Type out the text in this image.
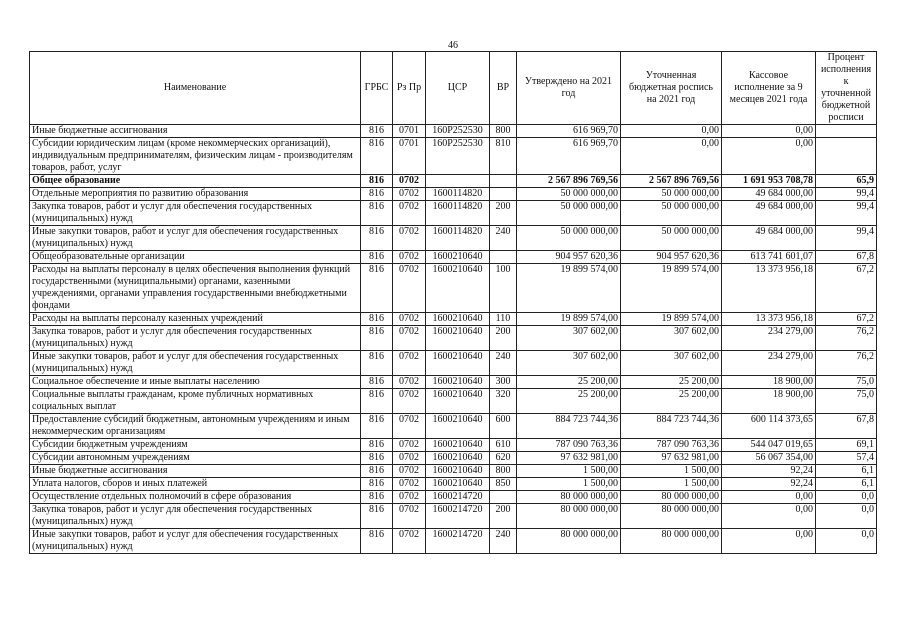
46
Наименование	ГРБС	Рз Пр	ЦСР	ВР	Утверждено на 2021 год	Уточненная бюджетная роспись на 2021 год	Кассовое исполнение за 9 месяцев 2021 года	Процент исполнения к уточненной бюджетной росписи
Иные бюджетные ассигнования	816	0701	160P252530	800	616 969,70	0,00	0,00	
Субсидии юридическим лицам (кроме некоммерческих организаций), индивидуальным предпринимателям, физическим лицам - производителям товаров, работ, услуг	816	0701	160P252530	810	616 969,70	0,00	0,00	
Общее образование	816	0702			2 567 896 769,56	2 567 896 769,56	1 691 953 708,78	65,9
Отдельные мероприятия по развитию образования	816	0702	1600114820		50 000 000,00	50 000 000,00	49 684 000,00	99,4
Закупка товаров, работ и услуг для обеспечения государственных (муниципальных) нужд	816	0702	1600114820	200	50 000 000,00	50 000 000,00	49 684 000,00	99,4
Иные закупки товаров, работ и услуг для обеспечения государственных (муниципальных) нужд	816	0702	1600114820	240	50 000 000,00	50 000 000,00	49 684 000,00	99,4
Общеобразовательные организации	816	0702	1600210640		904 957 620,36	904 957 620,36	613 741 601,07	67,8
Расходы на выплаты персоналу в целях обеспечения выполнения функций государственными (муниципальными) органами, казенными учреждениями, органами управления государственными внебюджетными фондами	816	0702	1600210640	100	19 899 574,00	19 899 574,00	13 373 956,18	67,2
Расходы на выплаты персоналу казенных учреждений	816	0702	1600210640	110	19 899 574,00	19 899 574,00	13 373 956,18	67,2
Закупка товаров, работ и услуг для обеспечения государственных (муниципальных) нужд	816	0702	1600210640	200	307 602,00	307 602,00	234 279,00	76,2
Иные закупки товаров, работ и услуг для обеспечения государственных (муниципальных) нужд	816	0702	1600210640	240	307 602,00	307 602,00	234 279,00	76,2
Социальное обеспечение и иные выплаты населению	816	0702	1600210640	300	25 200,00	25 200,00	18 900,00	75,0
Социальные выплаты гражданам, кроме публичных нормативных социальных выплат	816	0702	1600210640	320	25 200,00	25 200,00	18 900,00	75,0
Предоставление субсидий бюджетным, автономным учреждениям и иным некоммерческим организациям	816	0702	1600210640	600	884 723 744,36	884 723 744,36	600 114 373,65	67,8
Субсидии бюджетным учреждениям	816	0702	1600210640	610	787 090 763,36	787 090 763,36	544 047 019,65	69,1
Субсидии автономным учреждениям	816	0702	1600210640	620	97 632 981,00	97 632 981,00	56 067 354,00	57,4
Иные бюджетные ассигнования	816	0702	1600210640	800	1 500,00	1 500,00	92,24	6,1
Уплата налогов, сборов и иных платежей	816	0702	1600210640	850	1 500,00	1 500,00	92,24	6,1
Осуществление отдельных полномочий в сфере образования	816	0702	1600214720		80 000 000,00	80 000 000,00	0,00	0,0
Закупка товаров, работ и услуг для обеспечения государственных (муниципальных) нужд	816	0702	1600214720	200	80 000 000,00	80 000 000,00	0,00	0,0
Иные закупки товаров, работ и услуг для обеспечения государственных (муниципальных) нужд	816	0702	1600214720	240	80 000 000,00	80 000 000,00	0,00	0,0
